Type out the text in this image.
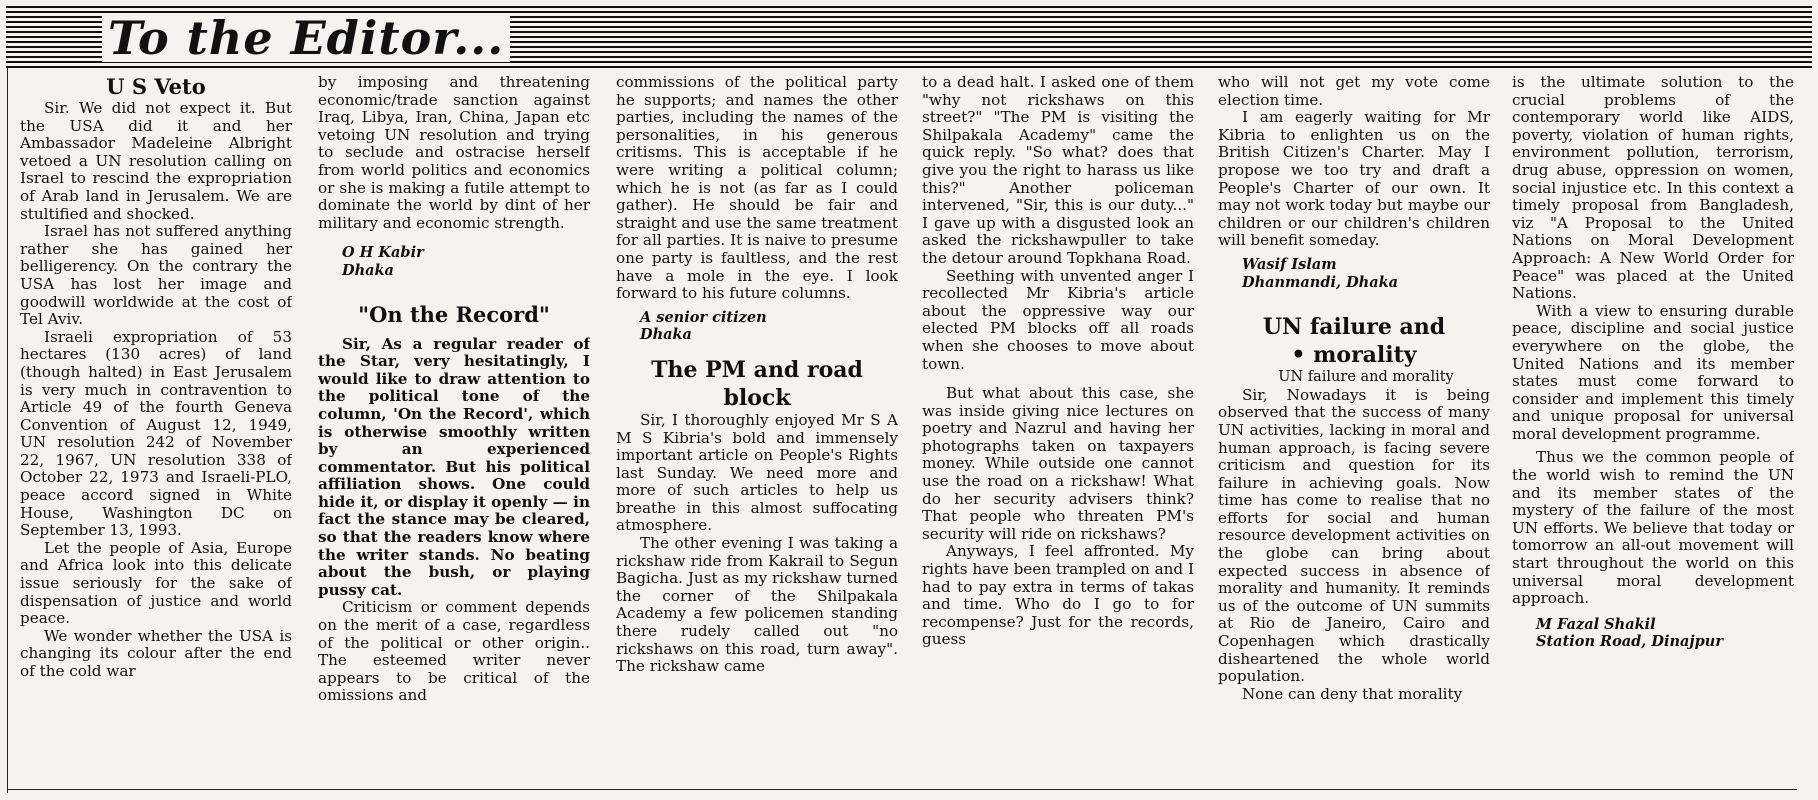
To the Editor...
U S Veto

Sir. We did not expect it. But the USA did it and her Ambassador Madeleine Albright vetoed a UN resolution calling on Israel to rescind the expropriation of Arab land in Jerusalem. We are stultified and shocked.

Israel has not suffered anything rather she has gained her belligerency. On the contrary the USA has lost her image and goodwill worldwide at the cost of Tel Aviv.

Israeli expropriation of 53 hectares (130 acres) of land (though halted) in East Jerusalem is very much in contravention to Article 49 of the fourth Geneva Convention of August 12, 1949, UN resolution 242 of November 22, 1967, UN resolution 338 of October 22, 1973 and Israeli-PLO, peace accord signed in White House, Washington DC on September 13, 1993.

Let the people of Asia, Europe and Africa look into this delicate issue seriously for the sake of dispensation of justice and world peace.

We wonder whether the USA is changing its colour after the end of the cold war

by imposing and threatening economic/trade sanction against Iraq, Libya, Iran, China, Japan etc vetoing UN resolution and trying to seclude and ostracise herself from world politics and economics or she is making a futile attempt to dominate the world by dint of her military and economic strength.

O H Kabir

Dhaka

"On the Record"

Sir, As a regular reader of the Star, very hesitatingly, I would like to draw attention to the political tone of the column, 'On the Record', which is otherwise smoothly written by an experienced commentator. But his political affiliation shows. One could hide it, or display it openly — in fact the stance may be cleared, so that the readers know where the writer stands. No beating about the bush, or playing pussy cat.

Criticism or comment depends on the merit of a case, regardless of the political or other origin.. The esteemed writer never appears to be critical of the omissions and

commissions of the political party he supports; and names the other parties, including the names of the personalities, in his generous critisms. This is acceptable if he were writing a political column; which he is not (as far as I could gather). He should be fair and straight and use the same treatment for all parties. It is naive to presume one party is faultless, and the rest have a mole in the eye. I look forward to his future columns.

A senior citizen

Dhaka

The PM and road block

Sir, I thoroughly enjoyed Mr S A M S Kibria's bold and immensely important article on People's Rights last Sunday. We need more and more of such articles to help us breathe in this almost suffocating atmosphere.

The other evening I was taking a rickshaw ride from Kakrail to Segun Bagicha. Just as my rickshaw turned the corner of the Shilpakala Academy a few policemen standing there rudely called out "no rickshaws on this road, turn away". The rickshaw came

to a dead halt. I asked one of them "why not rickshaws on this street?" "The PM is visiting the Shilpakala Academy" came the quick reply. "So what? does that give you the right to harass us like this?" Another policeman intervened, "Sir, this is our duty..." I gave up with a disgusted look an asked the rickshawpuller to take the detour around Topkhana Road.

Seething with unvented anger I recollected Mr Kibria's article about the oppressive way our elected PM blocks off all roads when she chooses to move about town.

But what about this case, she was inside giving nice lectures on poetry and Nazrul and having her photographs taken on taxpayers money. While outside one cannot use the road on a rickshaw! What do her security advisers think? That people who threaten PM's security will ride on rickshaws?

Anyways, I feel affronted. My rights have been trampled on and I had to pay extra in terms of takas and time. Who do I go to for recompense? Just for the records, guess

who will not get my vote come election time.

I am eagerly waiting for Mr Kibria to enlighten us on the British Citizen's Charter. May I propose we too try and draft a People's Charter of our own. It may not work today but maybe our children or our children's children will benefit someday.

Wasif Islam

Dhanmandi, Dhaka

UN failure and
• morality

UN failure and morality

Sir, Nowadays it is being observed that the success of many UN activities, lacking in moral and human approach, is facing severe criticism and question for its failure in achieving goals. Now time has come to realise that no efforts for social and human resource development activities on the globe can bring about expected success in absence of morality and humanity. It reminds us of the outcome of UN summits at Rio de Janeiro, Cairo and Copenhagen which drastically disheartened the whole world population.

None can deny that morality

is the ultimate solution to the crucial problems of the contemporary world like AIDS, poverty, violation of human rights, environment pollution, terrorism, drug abuse, oppression on women, social injustice etc. In this context a timely proposal from Bangladesh, viz "A Proposal to the United Nations on Moral Development Approach: A New World Order for Peace" was placed at the United Nations.

With a view to ensuring durable peace, discipline and social justice everywhere on the globe, the United Nations and its member states must come forward to consider and implement this timely and unique proposal for universal moral development programme.

Thus we the common people of the world wish to remind the UN and its member states of the mystery of the failure of the most UN efforts. We believe that today or tomorrow an all-out movement will start throughout the world on this universal moral development approach.

M Fazal Shakil

Station Road, Dinajpur
